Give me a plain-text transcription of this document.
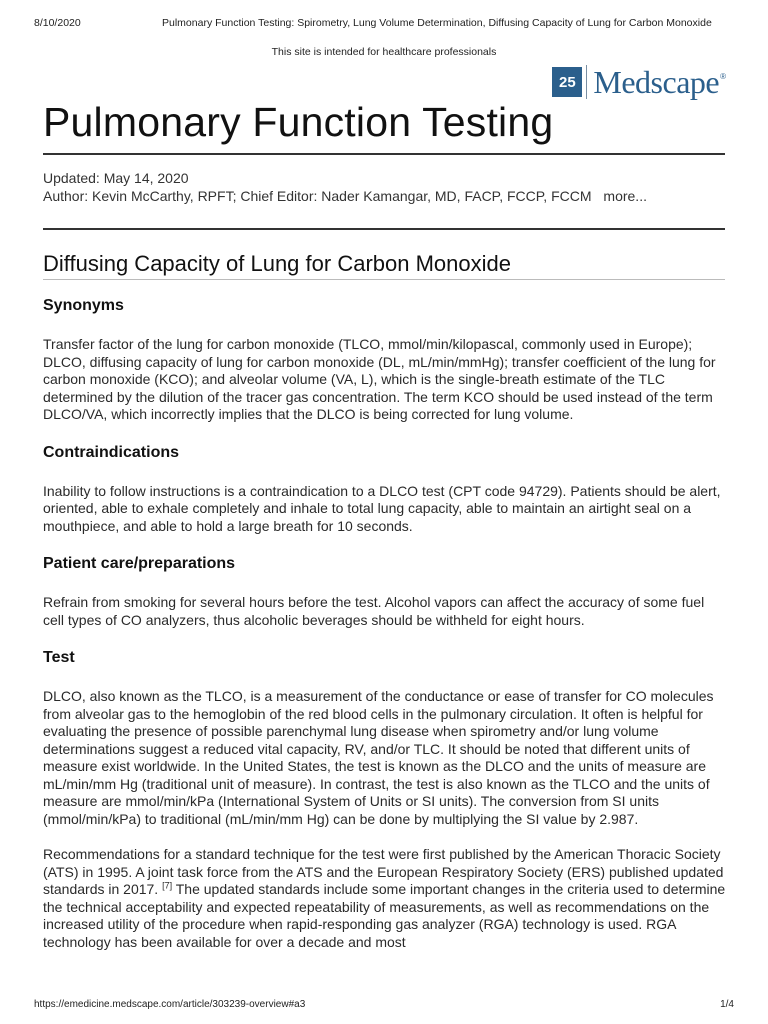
8/10/2020	Pulmonary Function Testing: Spirometry, Lung Volume Determination, Diffusing Capacity of Lung for Carbon Monoxide
This site is intended for healthcare professionals
25 Medscape ®
Pulmonary Function Testing
Updated: May 14, 2020
Author: Kevin McCarthy, RPFT; Chief Editor: Nader Kamangar, MD, FACP, FCCP, FCCM more...
Diffusing Capacity of Lung for Carbon Monoxide
Synonyms

Transfer factor of the lung for carbon monoxide (TLCO, mmol/min/kilopascal, commonly used in Europe); DLCO, diffusing capacity of lung for carbon monoxide (DL, mL/min/mmHg); transfer coefficient of the lung for carbon monoxide (KCO); and alveolar volume (VA, L), which is the single-breath estimate of the TLC determined by the dilution of the tracer gas concentration. The term KCO should be used instead of the term DLCO/VA, which incorrectly implies that the DLCO is being corrected for lung volume.

Contraindications

Inability to follow instructions is a contraindication to a DLCO test (CPT code 94729). Patients should be alert, oriented, able to exhale completely and inhale to total lung capacity, able to maintain an airtight seal on a mouthpiece, and able to hold a large breath for 10 seconds.

Patient care/preparations

Refrain from smoking for several hours before the test. Alcohol vapors can affect the accuracy of some fuel cell types of CO analyzers, thus alcoholic beverages should be withheld for eight hours.

Test

DLCO, also known as the TLCO, is a measurement of the conductance or ease of transfer for CO molecules from alveolar gas to the hemoglobin of the red blood cells in the pulmonary circulation. It often is helpful for evaluating the presence of possible parenchymal lung disease when spirometry and/or lung volume determinations suggest a reduced vital capacity, RV, and/or TLC. It should be noted that different units of measure exist worldwide. In the United States, the test is known as the DLCO and the units of measure are mL/min/mm Hg (traditional unit of measure). In contrast, the test is also known as the TLCO and the units of measure are mmol/min/kPa (International System of Units or SI units). The conversion from SI units (mmol/min/kPa) to traditional (mL/min/mm Hg) can be done by multiplying the SI value by 2.987.

Recommendations for a standard technique for the test were first published by the American Thoracic Society (ATS) in 1995. A joint task force from the ATS and the European Respiratory Society (ERS) published updated standards in 2017. [7] The updated standards include some important changes in the criteria used to determine the technical acceptability and expected repeatability of measurements, as well as recommendations on the increased utility of the procedure when rapid-responding gas analyzer (RGA) technology is used. RGA technology has been available for over a decade and most

https://emedicine.medscape.com/article/303239-overview#a3	1/4
